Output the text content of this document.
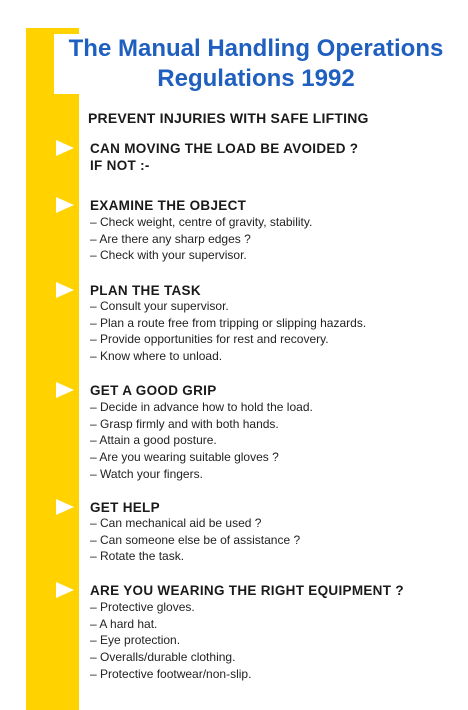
The Manual Handling Operations
Regulations 1992
PREVENT INJURIES WITH SAFE LIFTING
CAN MOVING THE LOAD BE AVOIDED ?
IF NOT :-
EXAMINE THE OBJECT
– Check weight, centre of gravity, stability.
– Are there any sharp edges ?
– Check with your supervisor.
PLAN THE TASK
– Consult your supervisor.
– Plan a route free from tripping or slipping hazards.
– Provide opportunities for rest and recovery.
– Know where to unload.
GET A GOOD GRIP
– Decide in advance how to hold the load.
– Grasp firmly and with both hands.
– Attain a good posture.
– Are you wearing suitable gloves ?
– Watch your fingers.
GET HELP
– Can mechanical aid be used ?
– Can someone else be of assistance ?
– Rotate the task.
ARE YOU WEARING THE RIGHT EQUIPMENT ?
– Protective gloves.
– A hard hat.
– Eye protection.
– Overalls/durable clothing.
– Protective footwear/non-slip.
